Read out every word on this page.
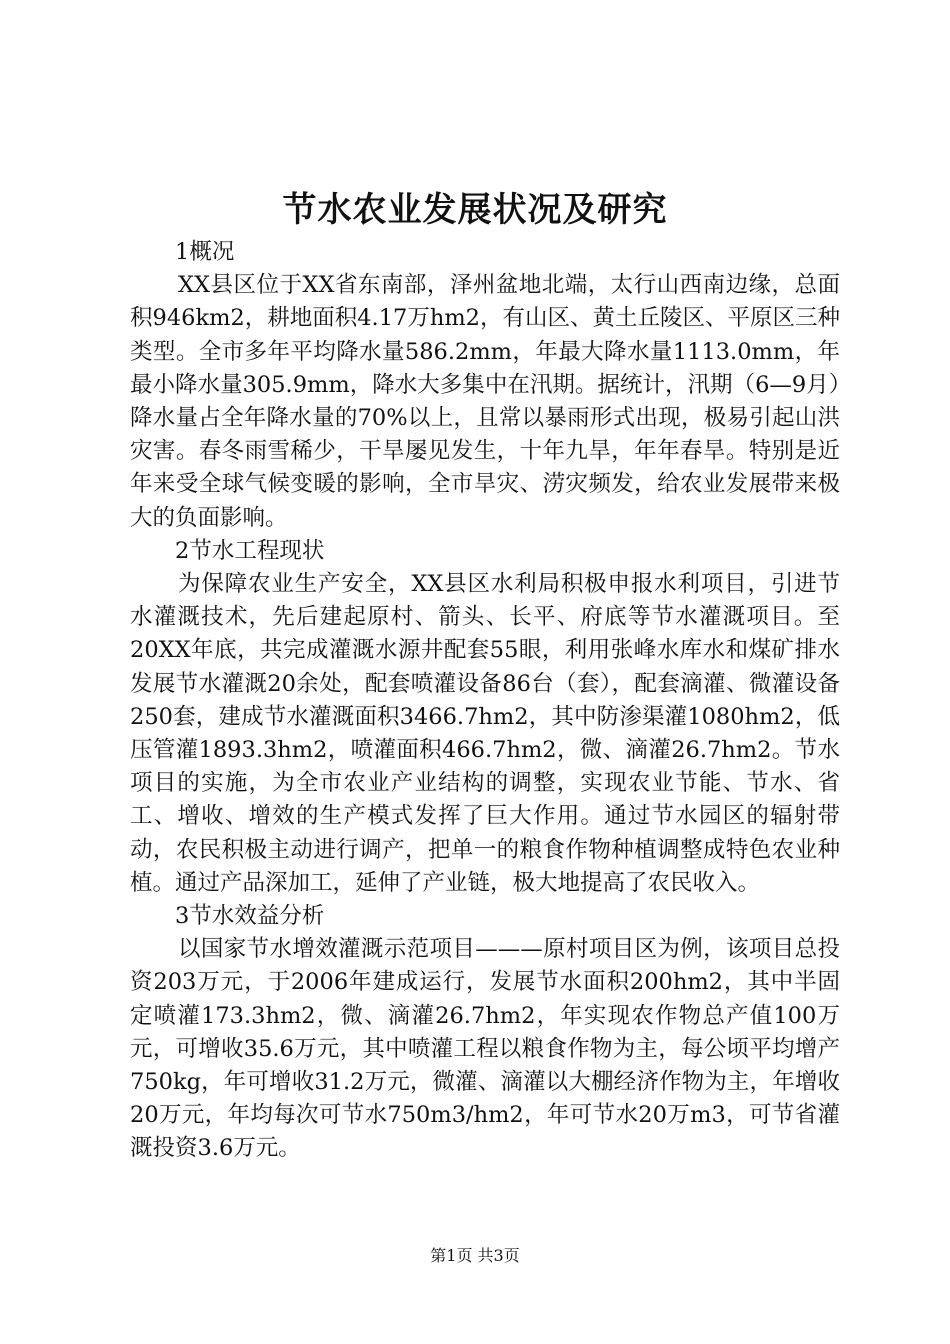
节水农业发展状况及研究

1概况

XX县区位于XX省东南部，泽州盆地北端，太行山西南边缘，总面积946km2，耕地面积4.17万hm2，有山区、黄土丘陵区、平原区三种类型。全市多年平均降水量586.2mm，年最大降水量1113.0mm，年最小降水量305.9mm，降水大多集中在汛期。据统计，汛期（6—9月）降水量占全年降水量的70%以上，且常以暴雨形式出现，极易引起山洪灾害。春冬雨雪稀少，干旱屡见发生，十年九旱，年年春旱。特别是近年来受全球气候变暖的影响，全市旱灾、涝灾频发，给农业发展带来极大的负面影响。

2节水工程现状

为保障农业生产安全，XX县区水利局积极申报水利项目，引进节水灌溉技术，先后建起原村、箭头、长平、府底等节水灌溉项目。至20XX年底，共完成灌溉水源井配套55眼，利用张峰水库水和煤矿排水发展节水灌溉20余处，配套喷灌设备86台（套），配套滴灌、微灌设备250套，建成节水灌溉面积3466.7hm2，其中防渗渠灌1080hm2，低压管灌1893.3hm2，喷灌面积466.7hm2，微、滴灌26.7hm2。节水项目的实施，为全市农业产业结构的调整，实现农业节能、节水、省工、增收、增效的生产模式发挥了巨大作用。通过节水园区的辐射带动，农民积极主动进行调产，把单一的粮食作物种植调整成特色农业种植。通过产品深加工，延伸了产业链，极大地提高了农民收入。

3节水效益分析

以国家节水增效灌溉示范项目———原村项目区为例，该项目总投资203万元，于2006年建成运行，发展节水面积200hm2，其中半固定喷灌173.3hm2，微、滴灌26.7hm2，年实现农作物总产值100万元，可增收35.6万元，其中喷灌工程以粮食作物为主，每公顷平均增产750kg，年可增收31.2万元，微灌、滴灌以大棚经济作物为主，年增收20万元，年均每次可节水750m3/hm2，年可节水20万m3，可节省灌溉投资3.6万元。

第1页 共3页
